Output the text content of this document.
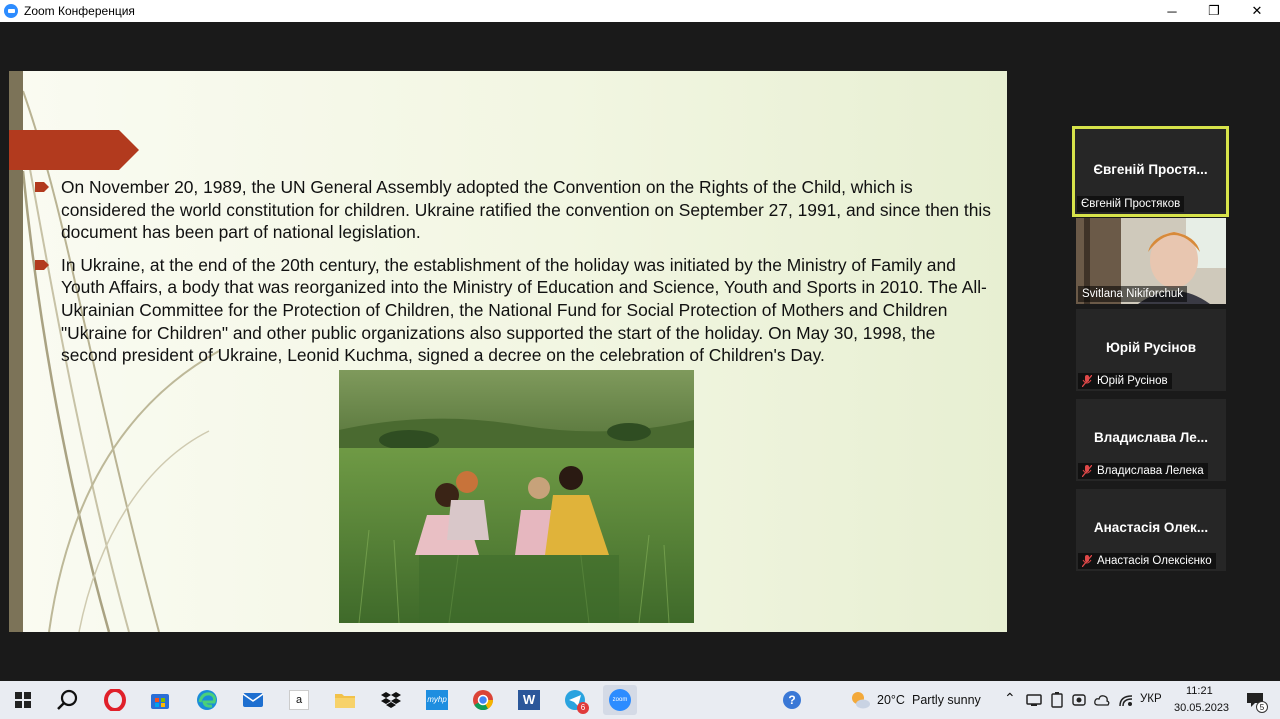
Zoom Конференция	─	❐	✕
On November 20, 1989, the UN General Assembly adopted the Convention on the Rights of the Child, which is considered the world constitution for children. Ukraine ratified the convention on September 27, 1991, and since then this document has been part of national legislation.
In Ukraine, at the end of the 20th century, the establishment of the holiday was initiated by the Ministry of Family and Youth Affairs, a body that was reorganized into the Ministry of Education and Science, Youth and Sports in 2010. The All-Ukrainian Committee for the Protection of Children, the National Fund for Social Protection of Mothers and Children "Ukraine for Children" and other public organizations also supported the start of the holiday. On May 30, 1998, the second president of Ukraine, Leonid Kuchma, signed a decree on the celebration of Children's Day.
Євгеній Простя...
Євгеній Простяков
Svitlana Nikiforchuk
Юрій Русінов
Юрій Русінов
Владислава Ле...
Владислава Лелека
Анастасія Олек...
Анастасія Олексієнко
a	myhp	W
6
zoom	?	20°C Partly sunny ⌃	УКР
11:21
30.05.2023	5
